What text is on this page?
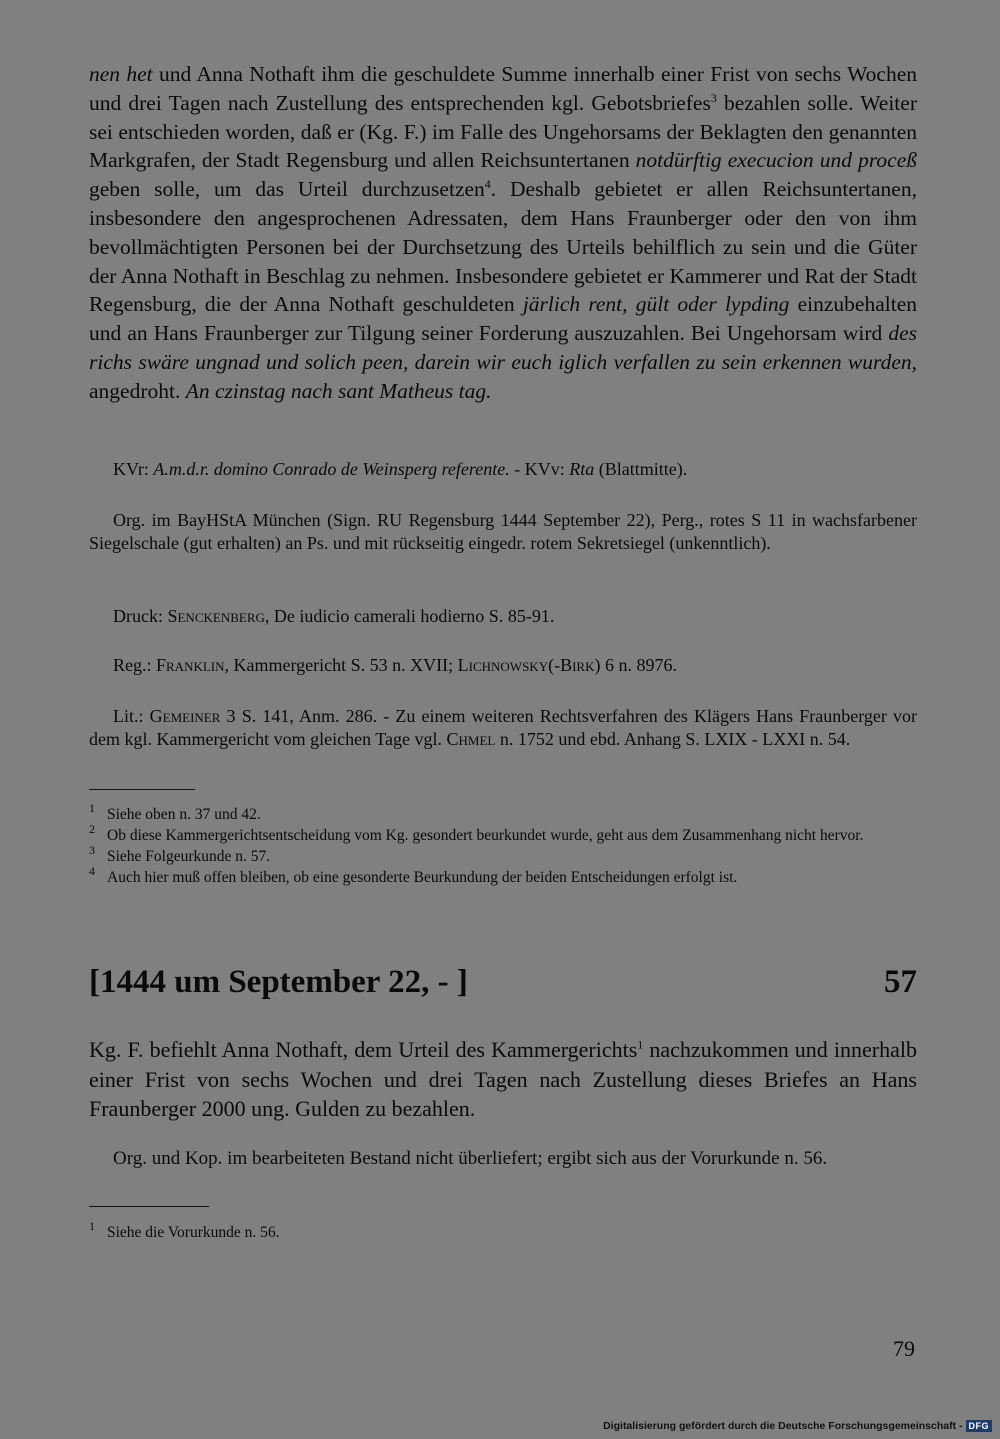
nen het und Anna Nothaft ihm die geschuldete Summe innerhalb einer Frist von sechs Wochen und drei Tagen nach Zustellung des entsprechenden kgl. Gebotsbriefes$^3$ bezahlen solle. Weiter sei entschieden worden, daß er (Kg. F.) im Falle des Ungehorsams der Beklagten den genannten Markgrafen, der Stadt Regensburg und allen Reichsuntertanen notdürftig execucion und proceß geben solle, um das Urteil durchzusetzen$^4$. Deshalb gebietet er allen Reichsuntertanen, insbesondere den angesprochenen Adressaten, dem Hans Fraunberger oder den von ihm bevollmächtigten Personen bei der Durchsetzung des Urteils behilflich zu sein und die Güter der Anna Nothaft in Beschlag zu nehmen. Insbesondere gebietet er Kammerer und Rat der Stadt Regensburg, die der Anna Nothaft geschuldeten järlich rent, gült oder lypding einzubehalten und an Hans Fraunberger zur Tilgung seiner Forderung auszuzahlen. Bei Ungehorsam wird des richs swäre ungnad und solich peen, darein wir euch iglich verfallen zu sein erkennen wurden, angedroht. An czinstag nach sant Matheus tag.

KVr: A.m.d.r. domino Conrado de Weinsperg referente. - KVv: Rta (Blattmitte).

Org. im BayHStA München (Sign. RU Regensburg 1444 September 22), Perg., rotes S 11 in wachsfarbener Siegelschale (gut erhalten) an Ps. und mit rückseitig eingedr. rotem Sekretsiegel (unkenntlich).

Druck: Senckenberg, De iudicio camerali hodierno S. 85-91.

Reg.: Franklin, Kammergericht S. 53 n. XVII; Lichnowsky(-Birk) 6 n. 8976.

Lit.: Gemeiner 3 S. 141, Anm. 286. - Zu einem weiteren Rechtsverfahren des Klägers Hans Fraunberger vor dem kgl. Kammergericht vom gleichen Tage vgl. Chmel n. 1752 und ebd. Anhang S. LXIX - LXXI n. 54.

1 Siehe oben n. 37 und 42.
2 Ob diese Kammergerichtsentscheidung vom Kg. gesondert beurkundet wurde, geht aus dem Zusammenhang nicht hervor.
3 Siehe Folgeurkunde n. 57.
4 Auch hier muß offen bleiben, ob eine gesonderte Beurkundung der beiden Entscheidungen erfolgt ist.
[1444 um September 22, - ]	57

Kg. F. befiehlt Anna Nothaft, dem Urteil des Kammergerichts$^1$ nachzukommen und innerhalb einer Frist von sechs Wochen und drei Tagen nach Zustellung dieses Briefes an Hans Fraunberger 2000 ung. Gulden zu bezahlen.

Org. und Kop. im bearbeiteten Bestand nicht überliefert; ergibt sich aus der Vorurkunde n. 56.

1 Siehe die Vorurkunde n. 56.
79
Digitalisierung gefördert durch die Deutsche Forschungsgemeinschaft - DFG
